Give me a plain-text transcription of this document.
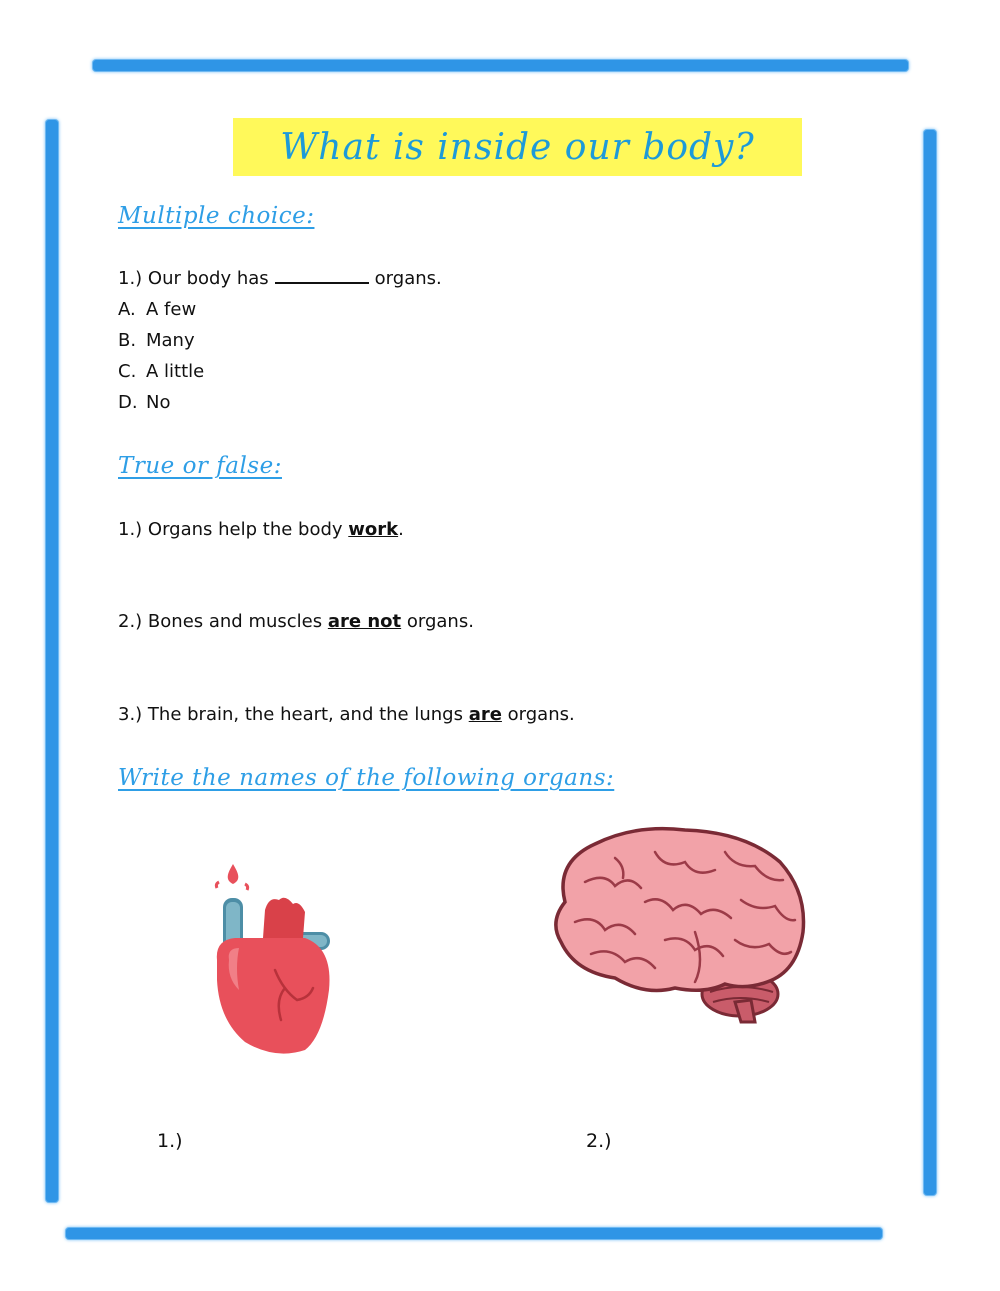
What is inside our body?
Multiple choice:

1.) Our body has	organs.

A. A few

B. Many

C. A little

D. No

True or false:

1.) Organs help the body work.

2.) Bones and muscles are not organs.

3.) The brain, the heart, and the lungs are organs.

Write the names of the following organs:

1.)	2.)
